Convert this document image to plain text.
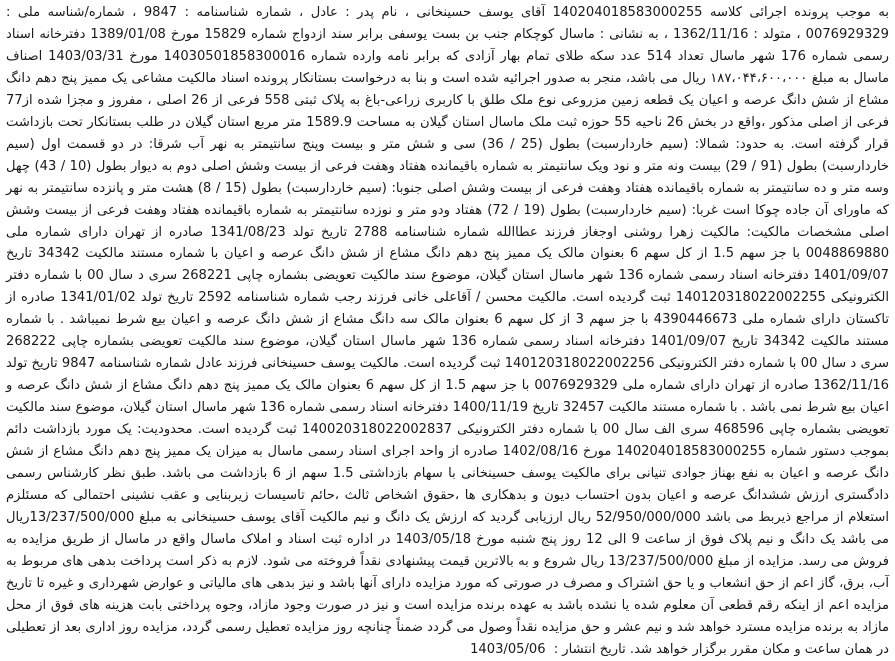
به موجب پرونده اجرائی کلاسه 140204018583000255 آقای یوسف حسینخانی ، نام پدر : عادل ، شماره شناسنامه : 9847 ، شماره/شناسه ملی : 0076929329 ، متولد : 1362/11/16 ، به نشانی : ماسال کوچکام جنب بن بست یوسفی برابر سند ازدواج شماره 15829 مورخ 1389/01/08 دفترخانه اسناد رسمی شماره 176 شهر ماسال تعداد 514 عدد سکه طلای تمام بهار آزادی که برابر نامه وارده شماره 14030501858300016 مورخ 1403/03/31 اصناف ماسال به مبلغ ۱۸۷،۰۴۴،۶۰۰،۰۰۰ ریال می باشد، منجر به صدور اجرائیه شده است و بنا به درخواست بستانکار پرونده اسناد مالکیت مشاعی یک ممیز پنج دهم دانگ مشاع از شش دانگ عرصه و اعیان یک قطعه زمین مزروعی نوع ملک طلق با کاربری زراعی-باغ به پلاک ثبتی 558 فرعی از 26 اصلی ، مفروز و مجزا شده از77 فرعی از اصلی مذکور ،واقع در بخش 26 ناحیه 55 حوزه ثبت ملک ماسال استان گیلان به مساحت 1589.9 متر مربع استان گیلان در طلب بستانکار تحت بازداشت قرار گرفته است. به حدود: شمالا: (سیم خاردارسبت) بطول (25 / 36) سی و شش متر و بیست وپنج سانتیمتر به نهر آب شرقا: در دو قسمت اول (سیم خاردارسبت) بطول (91 / 29) بیست ونه متر و نود ویک سانتیمتر به شماره باقیمانده هفتاد وهفت فرعی از بیست وشش اصلی دوم به دیوار بطول (10 / 43) چهل وسه متر و ده سانتیمتر به شماره باقیمانده هفتاد وهفت فرعی از بیست وشش اصلی جنوبا: (سیم خاردارسبت) بطول (15 / 8) هشت متر و پانزده سانتیمتر به نهر که ماورای آن جاده چوکا است غربا: (سیم خاردارسبت) بطول (19 / 72) هفتاد ودو متر و نوزده سانتیمتر به شماره باقیمانده هفتاد وهفت فرعی از بیست وشش اصلی مشخصات مالکیت: مالکیت زهرا روشنی اوجغاز فرزند عطاالله شماره شناسنامه 2788 تاریخ تولد 1341/08/23 صادره از تهران دارای شماره ملی 0048869880 با جز سهم 1.5 از کل سهم 6 بعنوان مالک یک ممیز پنج دهم دانگ مشاع از شش دانگ عرصه و اعیان با شماره مستند مالکیت 34342 تاریخ 1401/09/07 دفترخانه اسناد رسمی شماره 136 شهر ماسال استان گیلان، موضوع سند مالکیت تعویضی بشماره چاپی 268221 سری د سال 00 با شماره دفتر الکترونیکی 140120318022002255 ثبت گردیده است. مالکیت محسن / آقاعلی خانی فرزند رجب شماره شناسنامه 2592 تاریخ تولد 1341/01/02 صادره از تاکستان دارای شماره ملی 4390446673 با جز سهم 3 از کل سهم 6 بعنوان مالک سه دانگ مشاع از شش دانگ عرصه و اعیان بیع شرط نمیباشد . با شماره مستند مالکیت 34342 تاریخ 1401/09/07 دفترخانه اسناد رسمی شماره 136 شهر ماسال استان گیلان، موضوع سند مالکیت تعویضی بشماره چاپی 268222 سری د سال 00 با شماره دفتر الکترونیکی 140120318022002256 ثبت گردیده است. مالکیت یوسف حسینخانی فرزند عادل شماره شناسنامه 9847 تاریخ تولد 1362/11/16 صادره از تهران دارای شماره ملی 0076929329 با جز سهم 1.5 از کل سهم 6 بعنوان مالک یک ممیز پنج دهم دانگ مشاع از شش دانگ عرصه و اعیان بیع شرط نمی باشد . با شماره مستند مالکیت 32457 تاریخ 1400/11/19 دفترخانه اسناد رسمی شماره 136 شهر ماسال استان گیلان، موضوع سند مالکیت تعویضی بشماره چاپی 468596 سری الف سال 00 با شماره دفتر الکترونیکی 140020318022002837 ثبت گردیده است. محدودیت: یک مورد بازداشت دائم بموجب دستور شماره 140204018583000255 مورخ 1402/08/16 صادره از واحد اجرای اسناد رسمی ماسال به میزان یک ممیز پنج دهم دانگ مشاع از شش دانگ عرصه و اعیان به نفع بهناز جوادی تنیانی برای مالکیت یوسف حسینخانی با سهام بازداشتی 1.5 سهم از 6 بازداشت می باشد. طبق نظر کارشناس رسمی دادگستری ارزش ششدانگ عرصه و اعیان بدون احتساب دیون و بدهکاری ها ،حقوق اشخاص ثالث ،حائم تاسیسات زیربنایی و عقب نشینی احتمالی که مسئلزم استعلام از مراجع ذیربط می باشد 52/950/000/000 ریال ارزیابی گردید که ارزش یک دانگ و نیم مالکیت آقای یوسف حسینخانی به مبلغ 13/237/500/000ریال می باشد یک دانگ و نیم پلاک فوق از ساعت 9 الی 12 روز پنج شنبه مورخ 1403/05/18 در اداره ثبت اسناد و املاک ماسال واقع در ماسال از طریق مزایده به فروش می رسد. مزایده از مبلغ 13/237/500/000 ریال شروع و به بالاترین قیمت پیشنهادی نقداً فروخته می شود. لازم به ذکر است پرداخت بدهی های مربوط به آب، برق، گاز اعم از حق انشعاب و یا حق اشتراک و مصرف در صورتی که مورد مزایده دارای آنها باشد و نیز بدهی های مالیاتی و عوارض شهرداری و غیره تا تاریخ مزایده اعم از اینکه رقم قطعی آن معلوم شده یا نشده باشد به عهده برنده مزایده است و نیز در صورت وجود مازاد، وجوه پرداختی بابت هزینه های فوق از محل مازاد به برنده مزایده مسترد خواهد شد و نیم عشر و حق مزایده نقداً وصول می گردد ضمناً چنانچه روز مزایده تعطیل رسمی گردد، مزایده روز اداری بعد از تعطیلی در همان ساعت و مکان مقرر برگزار خواهد شد. تاریخ انتشار : 1403/05/06
